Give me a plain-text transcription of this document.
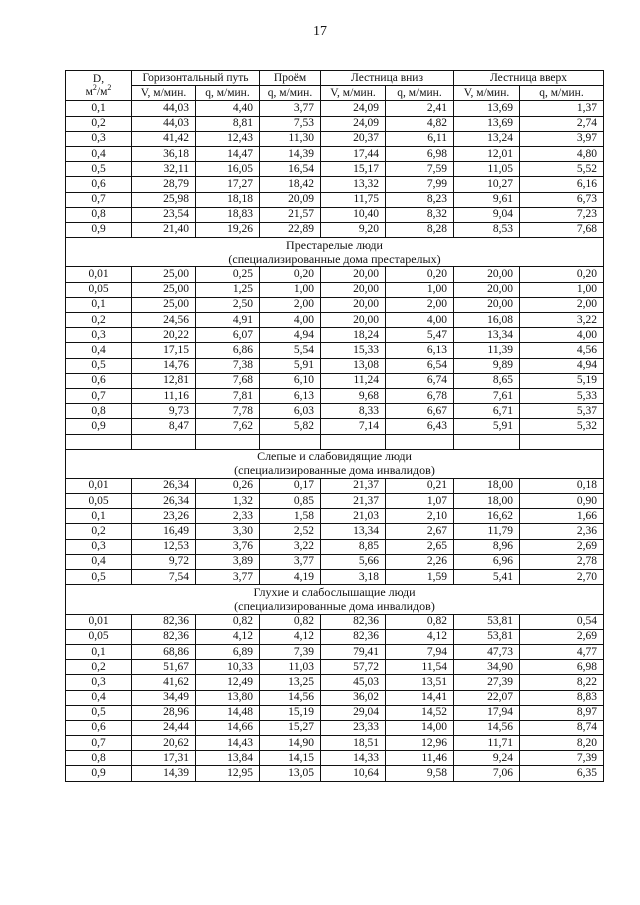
17
D,
$м^2/м^2$	Горизонтальный путь		Проём	Лестница вниз		Лестница вверх	
	V, м/мин.	q, м/мин.	q, м/мин.	V, м/мин.	q, м/мин.	V, м/мин.	q, м/мин.
0,1	44,03	4,40	3,77	24,09	2,41	13,69	1,37
0,2	44,03	8,81	7,53	24,09	4,82	13,69	2,74
0,3	41,42	12,43	11,30	20,37	6,11	13,24	3,97
0,4	36,18	14,47	14,39	17,44	6,98	12,01	4,80
0,5	32,11	16,05	16,54	15,17	7,59	11,05	5,52
0,6	28,79	17,27	18,42	13,32	7,99	10,27	6,16
0,7	25,98	18,18	20,09	11,75	8,23	9,61	6,73
0,8	23,54	18,83	21,57	10,40	8,32	9,04	7,23
0,9	21,40	19,26	22,89	9,20	8,28	8,53	7,68
Престарелые люди							
(специализированные дома престарелых)							
0,01	25,00	0,25	0,20	20,00	0,20	20,00	0,20
0,05	25,00	1,25	1,00	20,00	1,00	20,00	1,00
0,1	25,00	2,50	2,00	20,00	2,00	20,00	2,00
0,2	24,56	4,91	4,00	20,00	4,00	16,08	3,22
0,3	20,22	6,07	4,94	18,24	5,47	13,34	4,00
0,4	17,15	6,86	5,54	15,33	6,13	11,39	4,56
0,5	14,76	7,38	5,91	13,08	6,54	9,89	4,94
0,6	12,81	7,68	6,10	11,24	6,74	8,65	5,19
0,7	11,16	7,81	6,13	9,68	6,78	7,61	5,33
0,8	9,73	7,78	6,03	8,33	6,67	6,71	5,37
0,9	8,47	7,62	5,82	7,14	6,43	5,91	5,32

Слепые и слабовидящие люди							
(специализированные дома инвалидов)							
0,01	26,34	0,26	0,17	21,37	0,21	18,00	0,18
0,05	26,34	1,32	0,85	21,37	1,07	18,00	0,90
0,1	23,26	2,33	1,58	21,03	2,10	16,62	1,66
0,2	16,49	3,30	2,52	13,34	2,67	11,79	2,36
0,3	12,53	3,76	3,22	8,85	2,65	8,96	2,69
0,4	9,72	3,89	3,77	5,66	2,26	6,96	2,78
0,5	7,54	3,77	4,19	3,18	1,59	5,41	2,70
Глухие и слабослышащие люди							
(специализированные дома инвалидов)							
0,01	82,36	0,82	0,82	82,36	0,82	53,81	0,54
0,05	82,36	4,12	4,12	82,36	4,12	53,81	2,69
0,1	68,86	6,89	7,39	79,41	7,94	47,73	4,77
0,2	51,67	10,33	11,03	57,72	11,54	34,90	6,98
0,3	41,62	12,49	13,25	45,03	13,51	27,39	8,22
0,4	34,49	13,80	14,56	36,02	14,41	22,07	8,83
0,5	28,96	14,48	15,19	29,04	14,52	17,94	8,97
0,6	24,44	14,66	15,27	23,33	14,00	14,56	8,74
0,7	20,62	14,43	14,90	18,51	12,96	11,71	8,20
0,8	17,31	13,84	14,15	14,33	11,46	9,24	7,39
0,9	14,39	12,95	13,05	10,64	9,58	7,06	6,35
